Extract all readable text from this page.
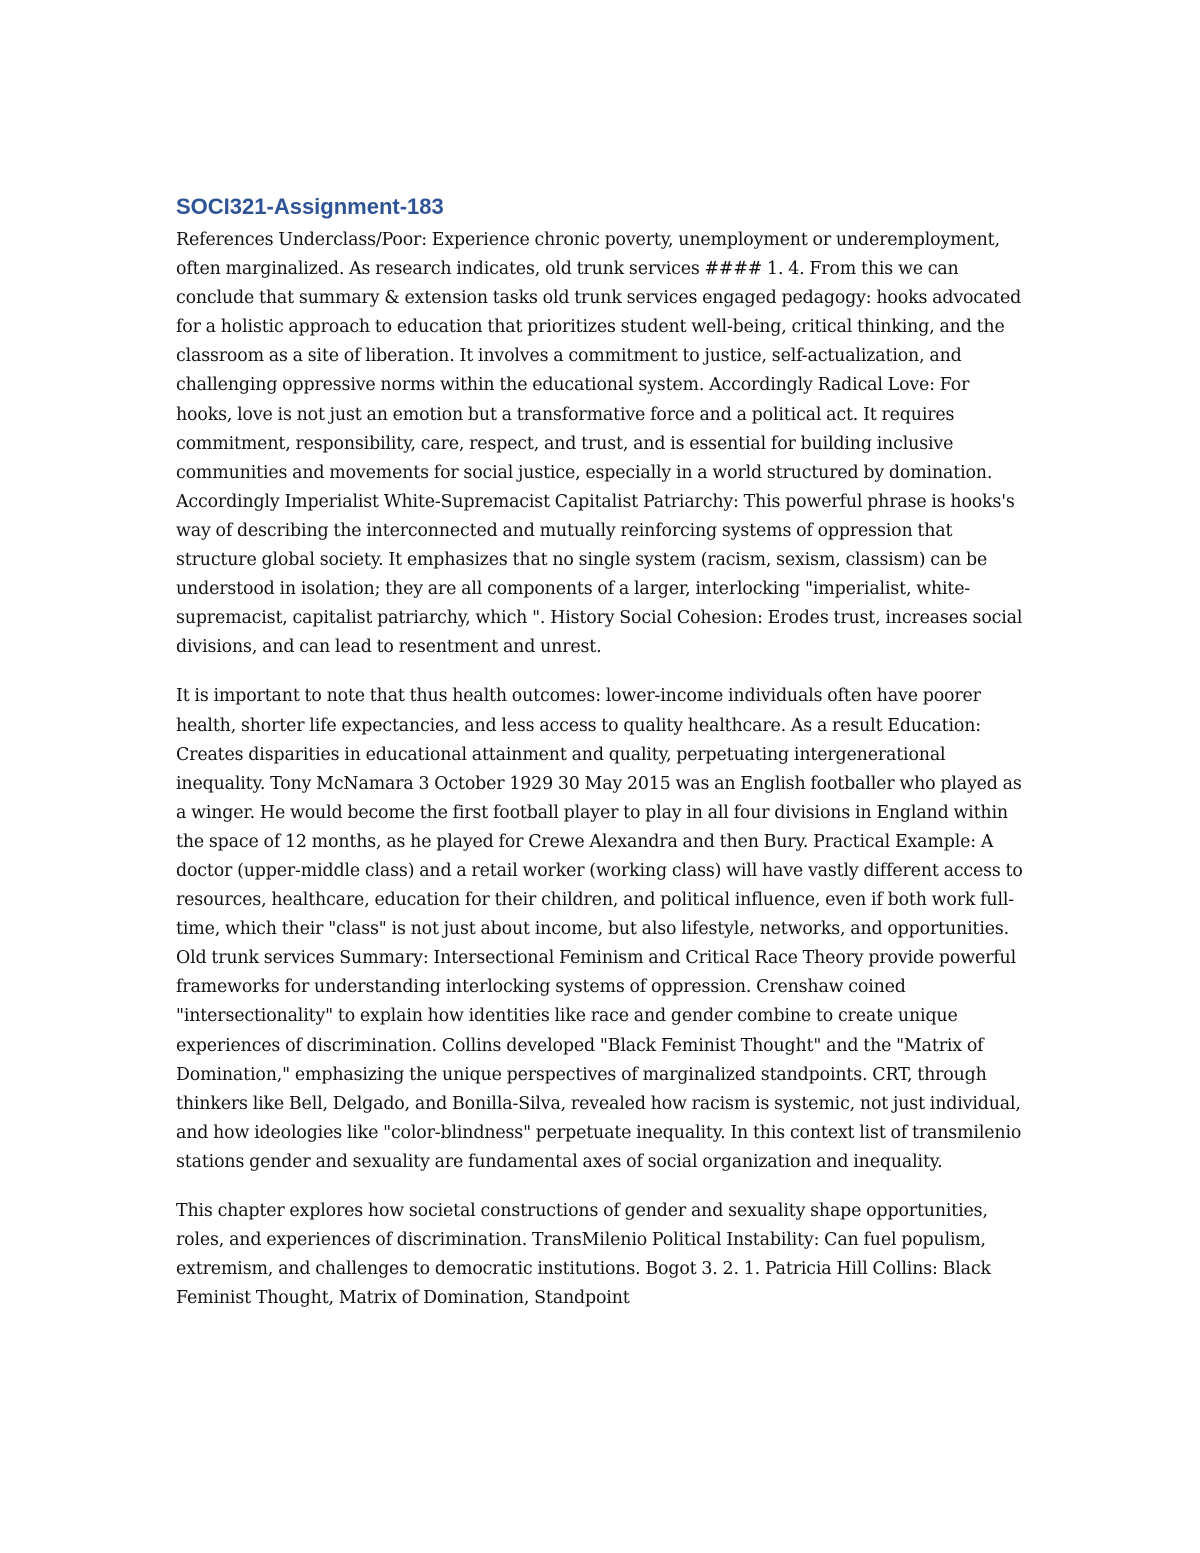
SOCI321-Assignment-183

References Underclass/Poor: Experience chronic poverty, unemployment or underemployment, often marginalized. As research indicates, old trunk services #### 1. 4. From this we can conclude that summary & extension tasks old trunk services engaged pedagogy: hooks advocated for a holistic approach to education that prioritizes student well-being, critical thinking, and the classroom as a site of liberation. It involves a commitment to justice, self-actualization, and challenging oppressive norms within the educational system. Accordingly Radical Love: For hooks, love is not just an emotion but a transformative force and a political act. It requires commitment, responsibility, care, respect, and trust, and is essential for building inclusive communities and movements for social justice, especially in a world structured by domination. Accordingly Imperialist White-Supremacist Capitalist Patriarchy: This powerful phrase is hooks's way of describing the interconnected and mutually reinforcing systems of oppression that structure global society. It emphasizes that no single system (racism, sexism, classism) can be understood in isolation; they are all components of a larger, interlocking "imperialist, white-supremacist, capitalist patriarchy, which ". History Social Cohesion: Erodes trust, increases social divisions, and can lead to resentment and unrest.

It is important to note that thus health outcomes: lower-income individuals often have poorer health, shorter life expectancies, and less access to quality healthcare. As a result Education: Creates disparities in educational attainment and quality, perpetuating intergenerational inequality. Tony McNamara 3 October 1929 30 May 2015 was an English footballer who played as a winger. He would become the first football player to play in all four divisions in England within the space of 12 months, as he played for Crewe Alexandra and then Bury. Practical Example: A doctor (upper-middle class) and a retail worker (working class) will have vastly different access to resources, healthcare, education for their children, and political influence, even if both work full-time, which their "class" is not just about income, but also lifestyle, networks, and opportunities. Old trunk services Summary: Intersectional Feminism and Critical Race Theory provide powerful frameworks for understanding interlocking systems of oppression. Crenshaw coined "intersectionality" to explain how identities like race and gender combine to create unique experiences of discrimination. Collins developed "Black Feminist Thought" and the "Matrix of Domination," emphasizing the unique perspectives of marginalized standpoints. CRT, through thinkers like Bell, Delgado, and Bonilla-Silva, revealed how racism is systemic, not just individual, and how ideologies like "color-blindness" perpetuate inequality. In this context list of transmilenio stations gender and sexuality are fundamental axes of social organization and inequality.

This chapter explores how societal constructions of gender and sexuality shape opportunities, roles, and experiences of discrimination. TransMilenio Political Instability: Can fuel populism, extremism, and challenges to democratic institutions. Bogot 3. 2. 1. Patricia Hill Collins: Black Feminist Thought, Matrix of Domination, Standpoint
